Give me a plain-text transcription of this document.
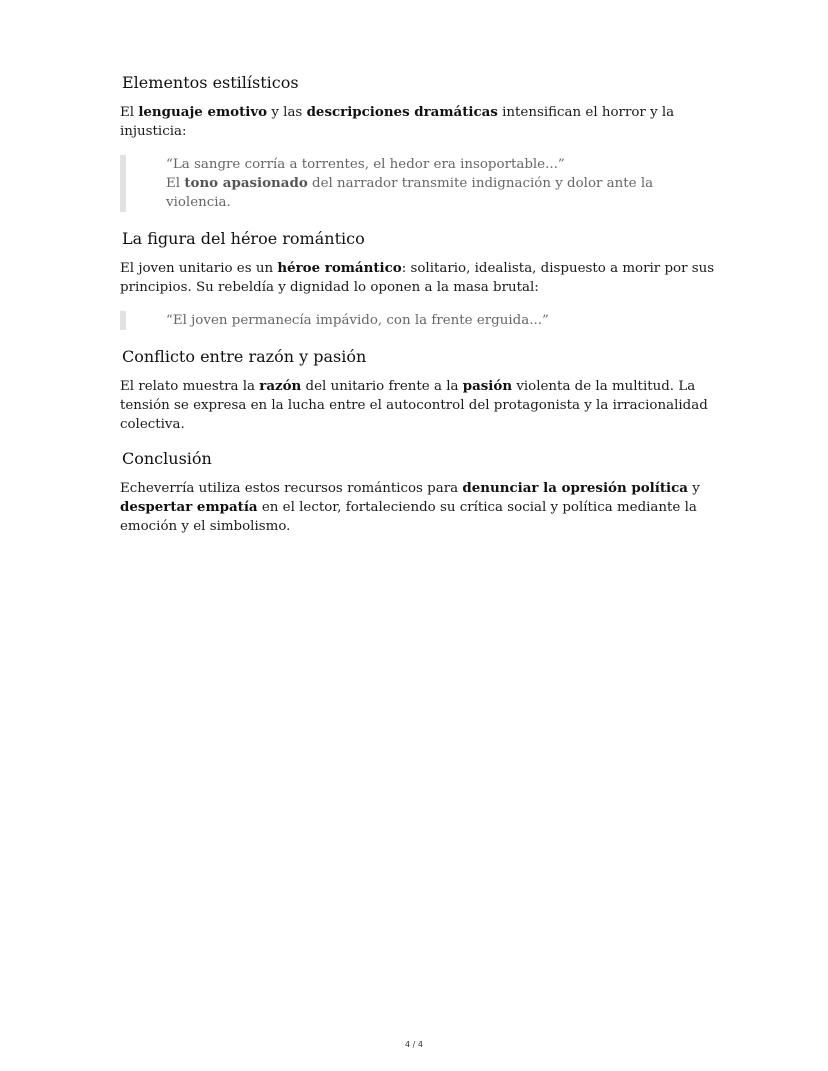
Elementos estilísticos

El lenguaje emotivo y las descripciones dramáticas intensifican el horror y la injusticia:

“La sangre corría a torrentes, el hedor era insoportable...”
El tono apasionado del narrador transmite indignación y dolor ante la violencia.
La figura del héroe romántico

El joven unitario es un héroe romántico: solitario, idealista, dispuesto a morir por sus principios. Su rebeldía y dignidad lo oponen a la masa brutal:

“El joven permanecía impávido, con la frente erguida...”
Conflicto entre razón y pasión

El relato muestra la razón del unitario frente a la pasión violenta de la multitud. La tensión se expresa en la lucha entre el autocontrol del protagonista y la irracionalidad colectiva.

Conclusión

Echeverría utiliza estos recursos románticos para denunciar la opresión política y despertar empatía en el lector, fortaleciendo su crítica social y política mediante la emoción y el simbolismo.

4 / 4
